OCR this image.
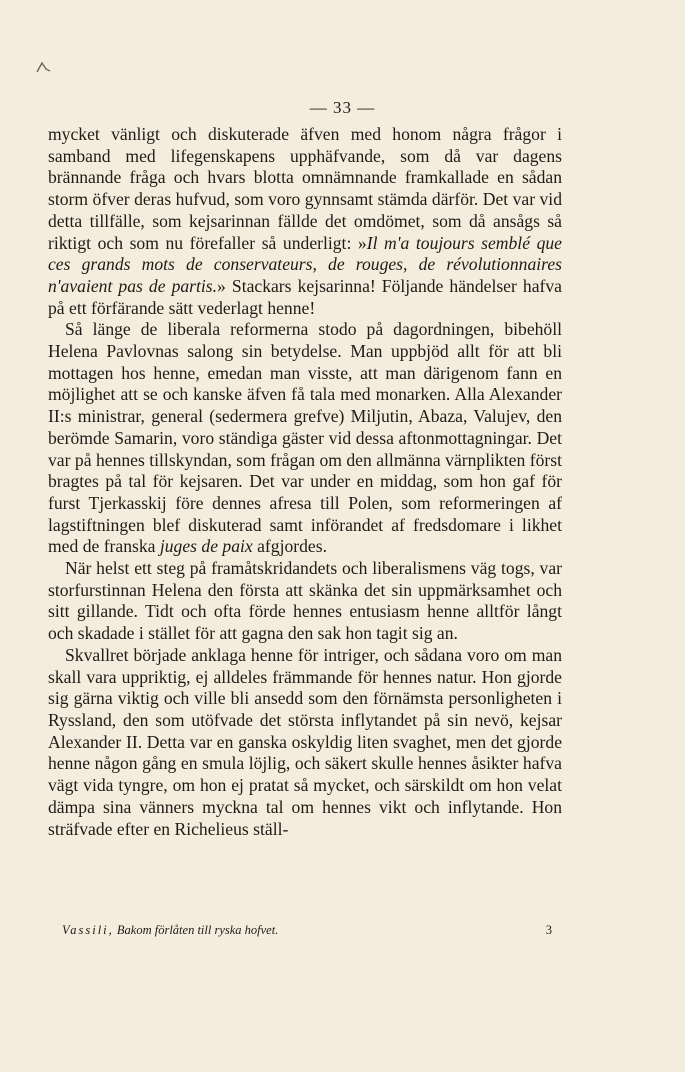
— 33 —

mycket vänligt och diskuterade äfven med honom några frågor i samband med lifegenskapens upphäfvande, som då var dagens brännande fråga och hvars blotta omnämnande framkallade en sådan storm öfver deras hufvud, som voro gynnsamt stämda därför. Det var vid detta tillfälle, som kejsarinnan fällde det omdömet, som då ansågs så riktigt och som nu förefaller så underligt: »Il m'a toujours semblé que ces grands mots de conservateurs, de rouges, de révolutionnaires n'avaient pas de partis.» Stackars kejsarinna! Följande händelser hafva på ett förfärande sätt vederlagt henne!

Så länge de liberala reformerna stodo på dagordningen, bibehöll Helena Pavlovnas salong sin betydelse. Man uppbjöd allt för att bli mottagen hos henne, emedan man visste, att man därigenom fann en möjlighet att se och kanske äfven få tala med monarken. Alla Alexander II:s ministrar, general (sedermera grefve) Miljutin, Abaza, Valujev, den berömde Samarin, voro ständiga gäster vid dessa aftonmottagningar. Det var på hennes tillskyndan, som frågan om den allmänna värnplikten först bragtes på tal för kejsaren. Det var under en middag, som hon gaf för furst Tjerkasskij före dennes afresa till Polen, som reformeringen af lagstiftningen blef diskuterad samt införandet af fredsdomare i likhet med de franska juges de paix afgjordes.

När helst ett steg på framåtskridandets och liberalismens väg togs, var storfurstinnan Helena den första att skänka det sin uppmärksamhet och sitt gillande. Tidt och ofta förde hennes entusiasm henne alltför långt och skadade i stället för att gagna den sak hon tagit sig an.

Skvallret började anklaga henne för intriger, och sådana voro om man skall vara uppriktig, ej alldeles främmande för hennes natur. Hon gjorde sig gärna viktig och ville bli ansedd som den förnämsta personligheten i Ryssland, den som utöfvade det största inflytandet på sin nevö, kejsar Alexander II. Detta var en ganska oskyldig liten svaghet, men det gjorde henne någon gång en smula löjlig, och säkert skulle hennes åsikter hafva vägt vida tyngre, om hon ej pratat så mycket, och särskildt om hon velat dämpa sina vänners myckna tal om hennes vikt och inflytande. Hon sträfvade efter en Richelieus ställ-

Vassili, Bakom förlåten till ryska hofvet.	3
